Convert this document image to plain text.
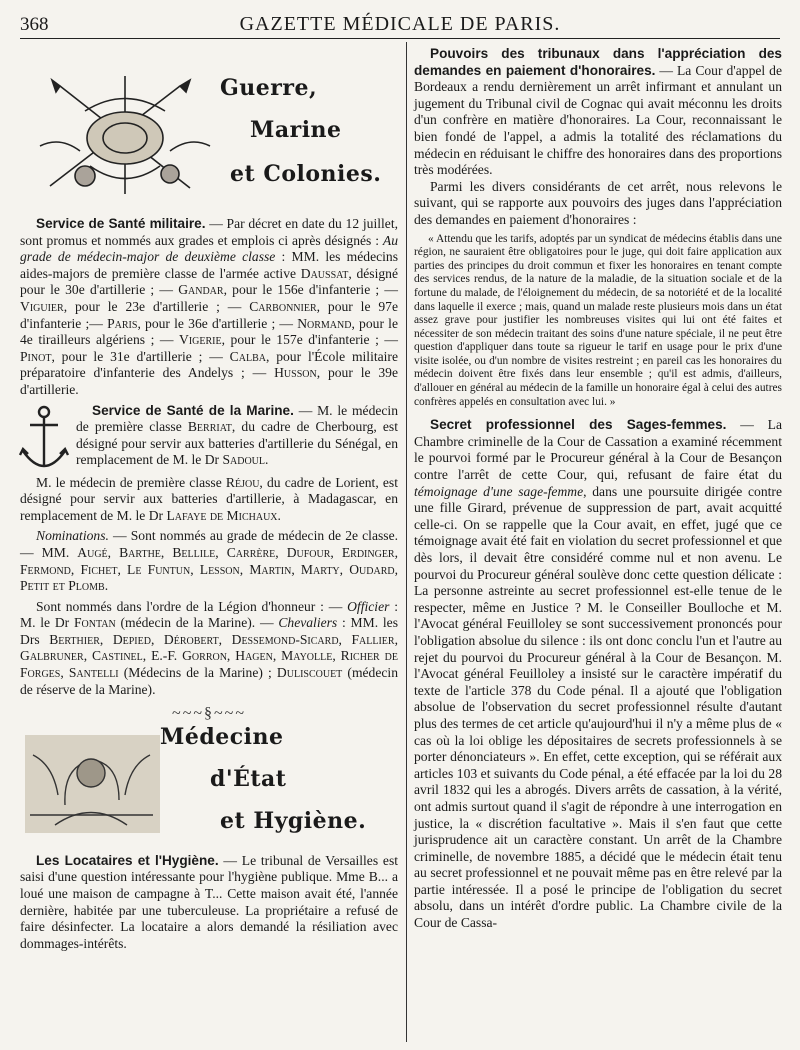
368	GAZETTE MÉDICALE DE PARIS.
Guerre,
Marine
et Colonies.

Service de Santé militaire. — Par décret en date du 12 juillet, sont promus et nommés aux grades et emplois ci après désignés : Au grade de médecin-major de deuxième classe : MM. les médecins aides-majors de première classe de l'armée active Daussat, désigné pour le 30e d'artillerie ; — Gandar, pour le 156e d'infanterie ; — Viguier, pour le 23e d'artillerie ; — Carbonnier, pour le 97e d'infanterie ;— Paris, pour le 36e d'artillerie ; — Normand, pour le 4e tirailleurs algériens ; — Vigerie, pour le 157e d'infanterie ; — Pinot, pour le 31e d'artillerie ; — Calba, pour l'École militaire préparatoire d'infanterie des Andelys ; — Husson, pour le 39e d'artillerie.

Service de Santé de la Marine. — M. le médecin de première classe Berriat, du cadre de Cherbourg, est désigné pour servir aux batteries d'artillerie du Sénégal, en remplacement de M. le Dr Sadoul.

M. le médecin de première classe Réjou, du cadre de Lorient, est désigné pour servir aux batteries d'artillerie, à Madagascar, en remplacement de M. le Dr Lafaye de Michaux.

Nominations. — Sont nommés au grade de médecin de 2e classe. — MM. Augé, Barthe, Bellile, Carrère, Dufour, Erdinger, Fermond, Fichet, Le Funtun, Lesson, Martin, Marty, Oudard, Petit et Plomb.

Sont nommés dans l'ordre de la Légion d'honneur : — Officier : M. le Dr Fontan (médecin de la Marine). — Chevaliers : MM. les Drs Berthier, Depied, Dérobert, Dessemond-Sicard, Fallier, Galbruner, Castinel, E.-F. Gorron, Hagen, Mayolle, Richer de Forges, Santelli (Médecins de la Marine) ; Duliscouet (médecin de réserve de la Marine).

~~~§~~~
Médecine
d'État
et Hygiène.

Les Locataires et l'Hygiène. — Le tribunal de Versailles est saisi d'une question intéressante pour l'hygiène publique. Mme B... a loué une maison de campagne à T... Cette maison avait été, l'année dernière, habitée par une tuberculeuse. La propriétaire a refusé de faire désinfecter. La locataire a alors demandé la résiliation avec dommages-intérêts.

Pouvoirs des tribunaux dans l'appréciation des demandes en paiement d'honoraires. — La Cour d'appel de Bordeaux a rendu dernièrement un arrêt infirmant et annulant un jugement du Tribunal civil de Cognac qui avait méconnu les droits d'un confrère en matière d'honoraires. La Cour, reconnaissant le bien fondé de l'appel, a admis la totalité des réclamations du médecin en réduisant le chiffre des honoraires dans des proportions très modérées.

Parmi les divers considérants de cet arrêt, nous relevons le suivant, qui se rapporte aux pouvoirs des juges dans l'appréciation des demandes en paiement d'honoraires :

« Attendu que les tarifs, adoptés par un syndicat de médecins établis dans une région, ne sauraient être obligatoires pour le juge, qui doit faire application aux parties des principes du droit commun et fixer les honoraires en tenant compte des services rendus, de la nature de la maladie, de la situation sociale et de la fortune du malade, de l'éloignement du médecin, de sa notoriété et de la localité dans laquelle il exerce ; mais, quand un malade reste plusieurs mois dans un état assez grave pour justifier les nombreuses visites qui lui ont été faites et nécessiter de son médecin traitant des soins d'une nature spéciale, il ne peut être question d'appliquer dans toute sa rigueur le tarif en usage pour le prix d'une visite isolée, ou d'un nombre de visites restreint ; en pareil cas les honoraires du médecin doivent être fixés dans leur ensemble ; qu'il est admis, d'ailleurs, d'allouer en général au médecin de la famille un honoraire égal à celui des autres confrères appelés en consultation avec lui. »

Secret professionnel des Sages-femmes. — La Chambre criminelle de la Cour de Cassation a examiné récemment le pourvoi formé par le Procureur général à la Cour de Besançon contre l'arrêt de cette Cour, qui, refusant de faire état du témoignage d'une sage-femme, dans une poursuite dirigée contre une fille Girard, prévenue de suppression de part, avait acquitté celle-ci. On se rappelle que la Cour avait, en effet, jugé que ce témoignage avait été fait en violation du secret professionnel et que dès lors, il devait être considéré comme nul et non avenu. Le pourvoi du Procureur général soulève donc cette question délicate : La personne astreinte au secret professionnel est-elle tenue de le respecter, même en Justice ? M. le Conseiller Boulloche et M. l'Avocat général Feuilloley se sont successivement prononcés pour l'obligation absolue du silence : ils ont donc conclu l'un et l'autre au rejet du pourvoi du Procureur général à la Cour de Besançon. M. l'Avocat général Feuilloley a insisté sur le caractère impératif du texte de l'article 378 du Code pénal. Il a ajouté que l'obligation absolue de l'observation du secret professionnel résulte d'autant plus des termes de cet article qu'aujourd'hui il n'y a même plus de « cas où la loi oblige les dépositaires de secrets professionnels à se porter dénonciateurs ». En effet, cette exception, qui se référait aux articles 103 et suivants du Code pénal, a été effacée par la loi du 28 avril 1832 qui les a abrogés. Divers arrêts de cassation, à la vérité, ont admis surtout quand il s'agit de répondre à une interrogation en justice, la « discrétion facultative ». Mais il s'en faut que cette jurisprudence ait un caractère constant. Un arrêt de la Chambre criminelle, de novembre 1885, a décidé que le médecin était tenu au secret professionnel et ne pouvait même pas en être relevé par la partie intéressée. Il a posé le principe de l'obligation du secret absolu, dans un intérêt d'ordre public. La Chambre civile de la Cour de Cassa-
